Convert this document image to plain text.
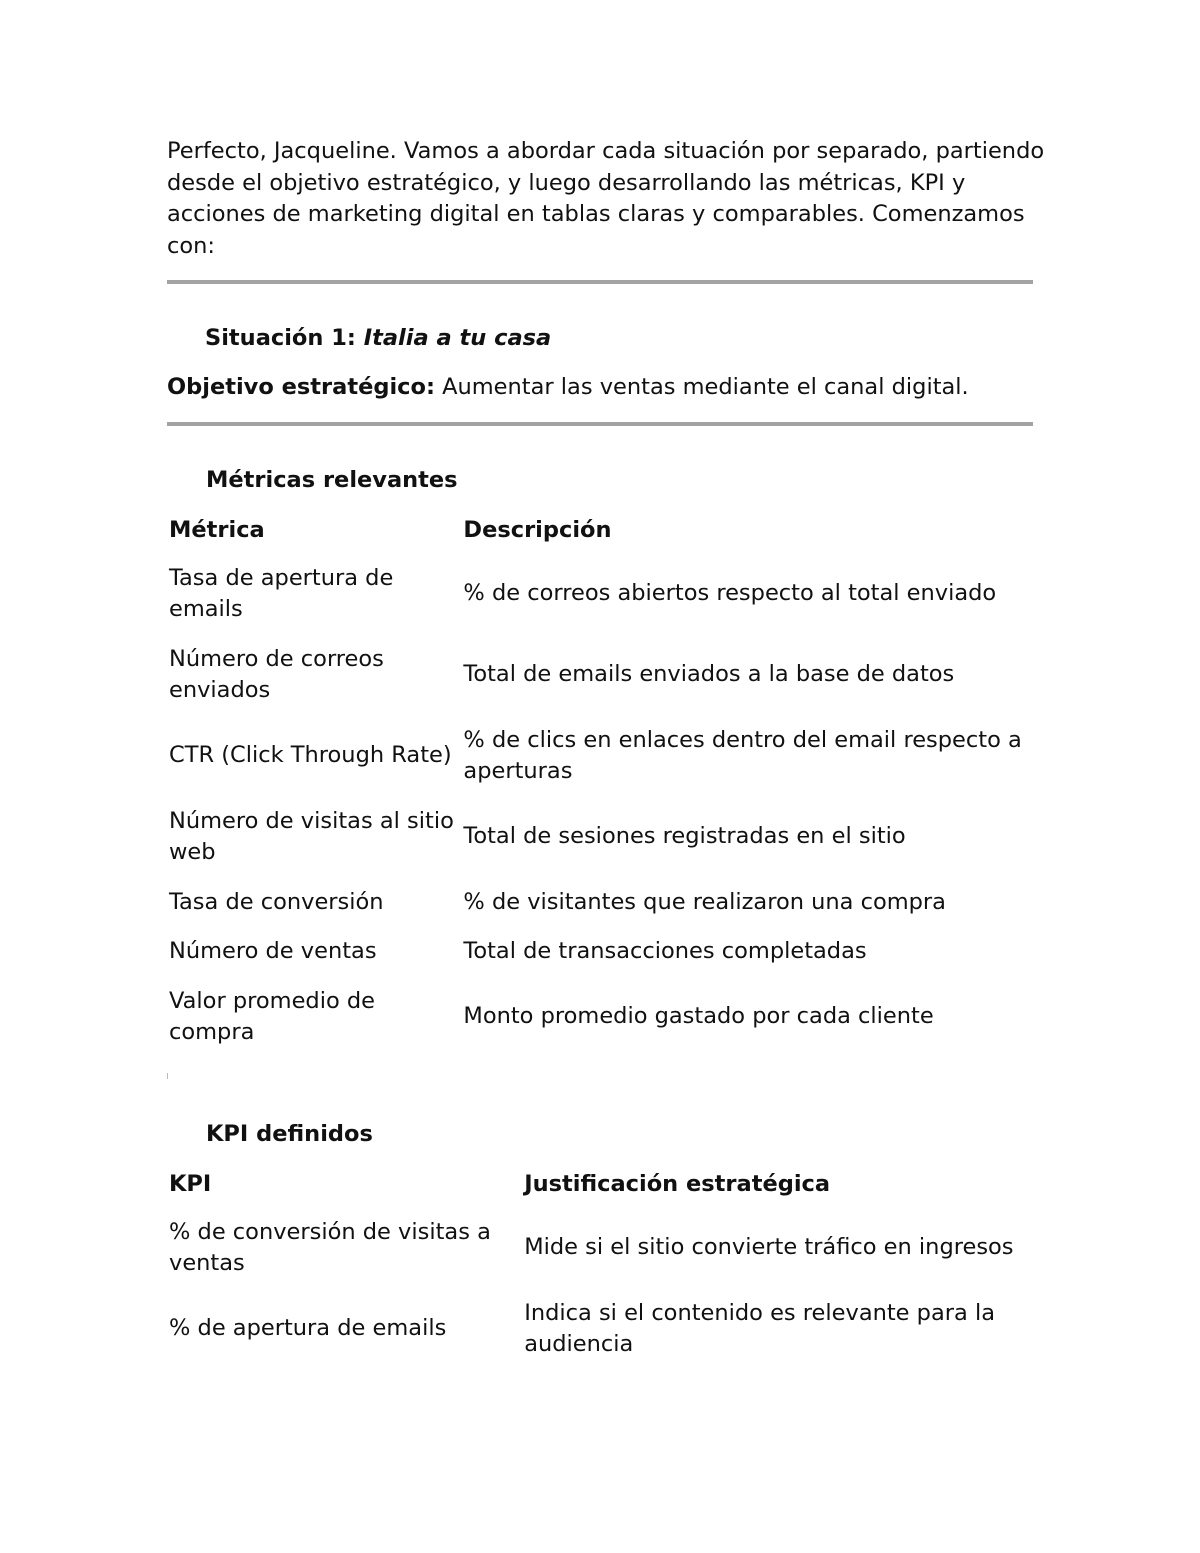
Perfecto, Jacqueline. Vamos a abordar cada situación por separado, partiendo desde el objetivo estratégico, y luego desarrollando las métricas, KPI y acciones de marketing digital en tablas claras y comparables. Comenzamos con:

Situación 1: Italia a tu casa

Objetivo estratégico: Aumentar las ventas mediante el canal digital.

Métricas relevantes

Métrica	Descripción
Tasa de apertura de emails	% de correos abiertos respecto al total enviado
Número de correos enviados	Total de emails enviados a la base de datos
CTR (Click Through Rate)	% de clics en enlaces dentro del email respecto a aperturas
Número de visitas al sitio web	Total de sesiones registradas en el sitio
Tasa de conversión	% de visitantes que realizaron una compra
Número de ventas	Total de transacciones completadas
Valor promedio de compra	Monto promedio gastado por cada cliente

KPI definidos

KPI	Justificación estratégica
% de conversión de visitas a ventas	Mide si el sitio convierte tráfico en ingresos
% de apertura de emails	Indica si el contenido es relevante para la audiencia
